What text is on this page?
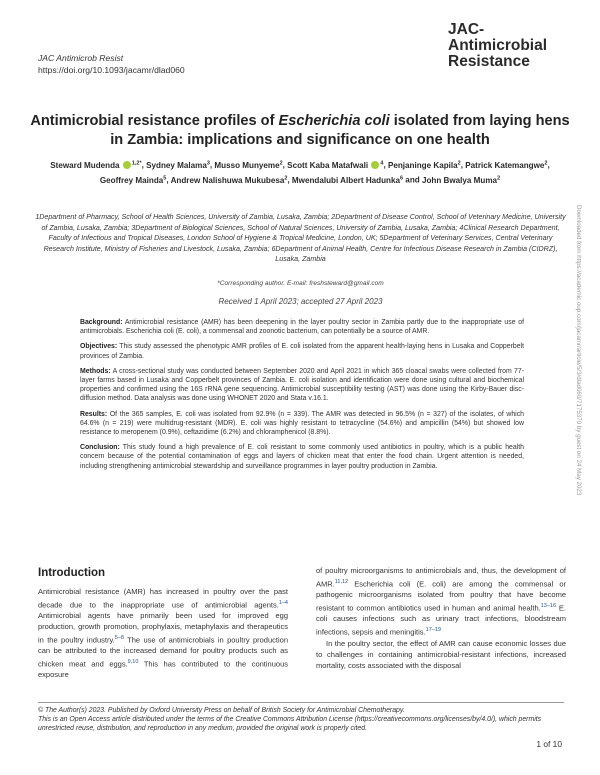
JAC Antimicrob Resist
https://doi.org/10.1093/jacamr/dlad060
JAC-
Antimicrobial
Resistance
Antimicrobial resistance profiles of Escherichia coli isolated from laying hens in Zambia: implications and significance on one health
Steward Mudenda $^{1,2*}$, Sydney Malama$^3$, Musso Munyeme$^2$, Scott Kaba Matafwali $^4$, Penjaninge Kapila$^2$, Patrick Katemangwe$^2$, Geoffrey Mainda$^5$, Andrew Nalishuwa Mukubesa$^2$, Mwendalubi Albert Hadunka$^6$ and John Bwalya Muma$^2$
1Department of Pharmacy, School of Health Sciences, University of Zambia, Lusaka, Zambia; 2Department of Disease Control, School of Veterinary Medicine, University of Zambia, Lusaka, Zambia; 3Department of Biological Sciences, School of Natural Sciences, University of Zambia, Lusaka, Zambia; 4Clinical Research Department, Faculty of Infectious and Tropical Diseases, London School of Hygiene & Tropical Medicine, London, UK; 5Department of Veterinary Services, Central Veterinary Research Institute, Ministry of Fisheries and Livestock, Lusaka, Zambia; 6Department of Animal Health, Centre for Infectious Disease Research in Zambia (CIDRZ), Lusaka, Zambia
*Corresponding author. E-mail: freshsteward@gmail.com
Received 1 April 2023; accepted 27 April 2023

Background: Antimicrobial resistance (AMR) has been deepening in the layer poultry sector in Zambia partly due to the inappropriate use of antimicrobials. Escherichia coli (E. coli), a commensal and zoonotic bacterium, can potentially be a source of AMR.

Objectives: This study assessed the phenotypic AMR profiles of E. coli isolated from the apparent health-laying hens in Lusaka and Copperbelt provinces of Zambia.

Methods: A cross-sectional study was conducted between September 2020 and April 2021 in which 365 cloacal swabs were collected from 77-layer farms based in Lusaka and Copperbelt provinces of Zambia. E. coli isolation and identification were done using cultural and biochemical properties and confirmed using the 16S rRNA gene sequencing. Antimicrobial susceptibility testing (AST) was done using the Kirby-Bauer disc-diffusion method. Data analysis was done using WHONET 2020 and Stata v.16.1.

Results: Of the 365 samples, E. coli was isolated from 92.9% (n = 339). The AMR was detected in 96.5% (n = 327) of the isolates, of which 64.6% (n = 219) were multidrug-resistant (MDR). E. coli was highly resistant to tetracycline (54.6%) and ampicillin (54%) but showed low resistance to meropenem (0.9%), ceftazidime (6.2%) and chloramphenicol (8.8%).

Conclusion: This study found a high prevalence of E. coli resistant to some commonly used antibiotics in poultry, which is a public health concern because of the potential contamination of eggs and layers of chicken meat that enter the food chain. Urgent attention is needed, including strengthening antimicrobial stewardship and surveillance programmes in layer poultry production in Zambia.	Downloaded from https://academic.oup.com/jacamr/article/5/3/dlad060/7175370 by guest on 24 May 2023
Introduction

Antimicrobial resistance (AMR) has increased in poultry over the past decade due to the inappropriate use of antimicrobial agents.$^{1-4}$ Antimicrobial agents have primarily been used for improved egg production, growth promotion, prophylaxis, metaphylaxis and therapeutics in the poultry industry.$^{5-8}$ The use of antimicrobials in poultry production can be attributed to the increased demand for poultry products such as chicken meat and eggs.$^{9,10}$ This has contributed to the continuous exposure

of poultry microorganisms to antimicrobials and, thus, the development of AMR.$^{11,12}$ Escherichia coli (E. coli) are among the commensal or pathogenic microorganisms isolated from poultry that have become resistant to common antibiotics used in human and animal health.$^{13-16}$ E. coli causes infections such as urinary tract infections, bloodstream infections, sepsis and meningitis.$^{17-19}$

In the poultry sector, the effect of AMR can cause economic losses due to challenges in containing antimicrobial-resistant infections, increased mortality, costs associated with the disposal

© The Author(s) 2023. Published by Oxford University Press on behalf of British Society for Antimicrobial Chemotherapy.
This is an Open Access article distributed under the terms of the Creative Commons Attribution License (https://creativecommons.org/licenses/by/4.0/), which permits unrestricted reuse, distribution, and reproduction in any medium, provided the original work is properly cited.
1 of 10
